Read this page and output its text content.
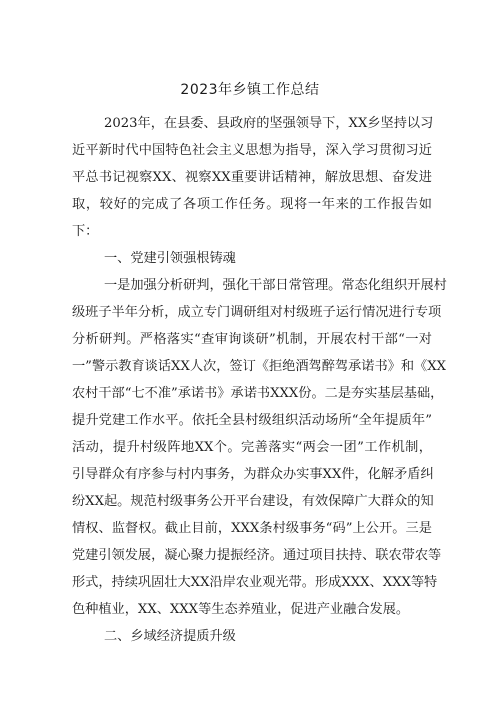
2023年乡镇工作总结
2023年，在县委、县政府的坚强领导下，XX乡坚持以习
近平新时代中国特色社会主义思想为指导，深入学习贯彻习近
平总书记视察XX、视察XX重要讲话精神，解放思想、奋发进
取，较好的完成了各项工作任务。现将一年来的工作报告如
下：
一、党建引领强根铸魂
一是加强分析研判，强化干部日常管理。常态化组织开展村
级班子半年分析，成立专门调研组对村级班子运行情况进行专项
分析研判。严格落实“查审询谈研”机制，开展农村干部“一对
一”警示教育谈话XX人次，签订《拒绝酒驾醉驾承诺书》和《XX
农村干部“七不准”承诺书》承诺书XXX份。二是夯实基层基础，
提升党建工作水平。依托全县村级组织活动场所“全年提质年”
活动，提升村级阵地XX个。完善落实“两会一团”工作机制，
引导群众有序参与村内事务，为群众办实事XX件，化解矛盾纠
纷XX起。规范村级事务公开平台建设，有效保障广大群众的知
情权、监督权。截止目前，XXX条村级事务“码”上公开。三是
党建引领发展，凝心聚力提振经济。通过项目扶持、联农带农等
形式，持续巩固壮大XX沿岸农业观光带。形成XXX、XXX等特
色种植业，XX、XXX等生态养殖业，促进产业融合发展。
二、乡域经济提质升级
